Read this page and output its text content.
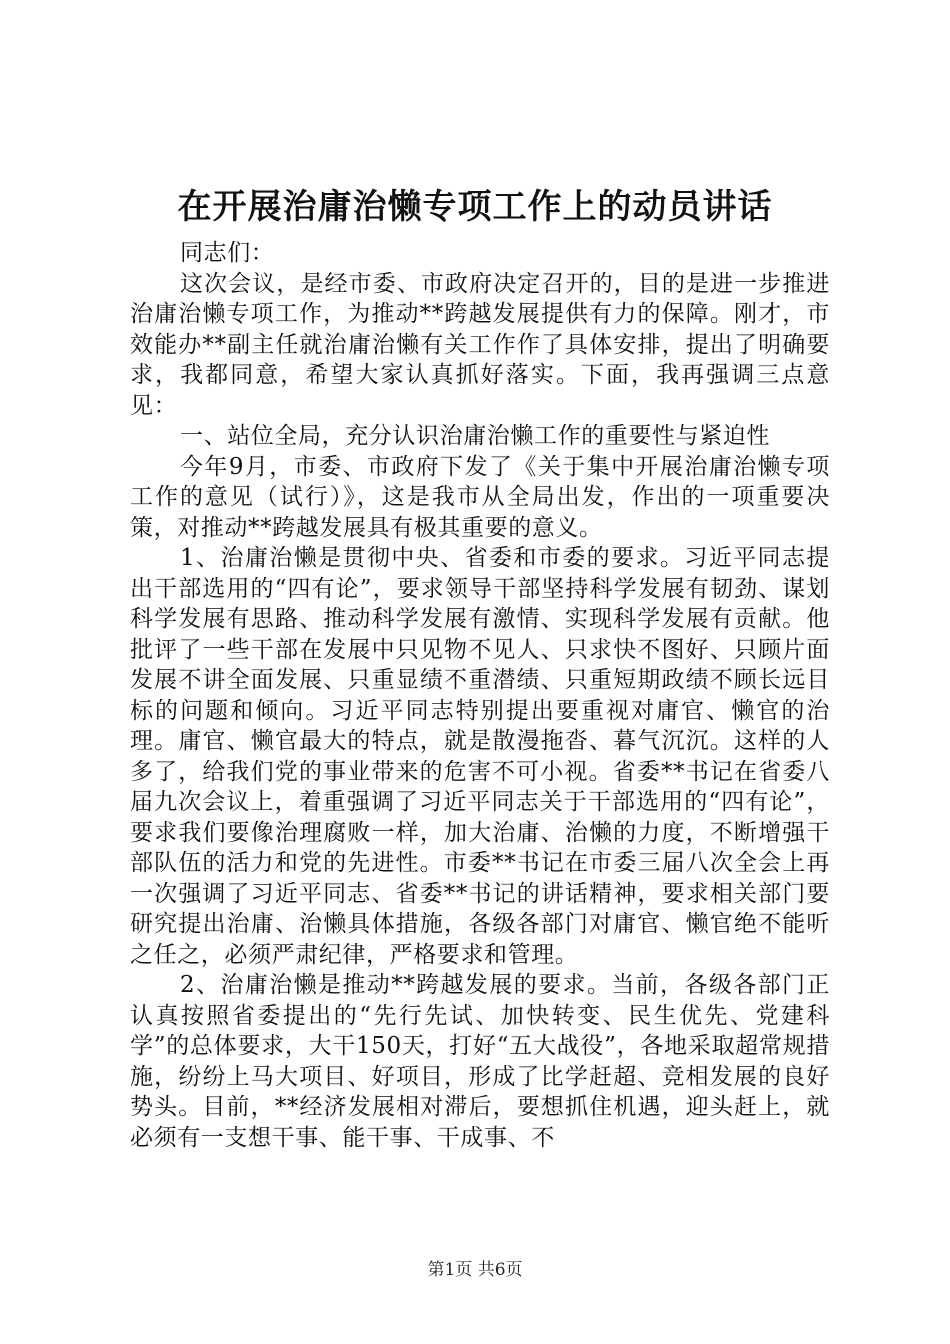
在开展治庸治懒专项工作上的动员讲话

同志们：

这次会议，是经市委、市政府决定召开的，目的是进一步推进治庸治懒专项工作，为推动**跨越发展提供有力的保障。刚才，市效能办**副主任就治庸治懒有关工作作了具体安排，提出了明确要求，我都同意，希望大家认真抓好落实。下面，我再强调三点意见：

一、站位全局，充分认识治庸治懒工作的重要性与紧迫性

今年9月，市委、市政府下发了《关于集中开展治庸治懒专项工作的意见（试行）》，这是我市从全局出发，作出的一项重要决策，对推动**跨越发展具有极其重要的意义。

1、治庸治懒是贯彻中央、省委和市委的要求。习近平同志提出干部选用的“四有论”，要求领导干部坚持科学发展有韧劲、谋划科学发展有思路、推动科学发展有激情、实现科学发展有贡献。他批评了一些干部在发展中只见物不见人、只求快不图好、只顾片面发展不讲全面发展、只重显绩不重潜绩、只重短期政绩不顾长远目标的问题和倾向。习近平同志特别提出要重视对庸官、懒官的治理。庸官、懒官最大的特点，就是散漫拖沓、暮气沉沉。这样的人多了，给我们党的事业带来的危害不可小视。省委**书记在省委八届九次会议上，着重强调了习近平同志关于干部选用的“四有论”，要求我们要像治理腐败一样，加大治庸、治懒的力度，不断增强干部队伍的活力和党的先进性。市委**书记在市委三届八次全会上再一次强调了习近平同志、省委**书记的讲话精神，要求相关部门要研究提出治庸、治懒具体措施，各级各部门对庸官、懒官绝不能听之任之，必须严肃纪律，严格要求和管理。

2、治庸治懒是推动**跨越发展的要求。当前，各级各部门正认真按照省委提出的“先行先试、加快转变、民生优先、党建科学”的总体要求，大干150天，打好“五大战役”，各地采取超常规措施，纷纷上马大项目、好项目，形成了比学赶超、竞相发展的良好势头。目前，**经济发展相对滞后，要想抓住机遇，迎头赶上，就必须有一支想干事、能干事、干成事、不

第1页 共6页
